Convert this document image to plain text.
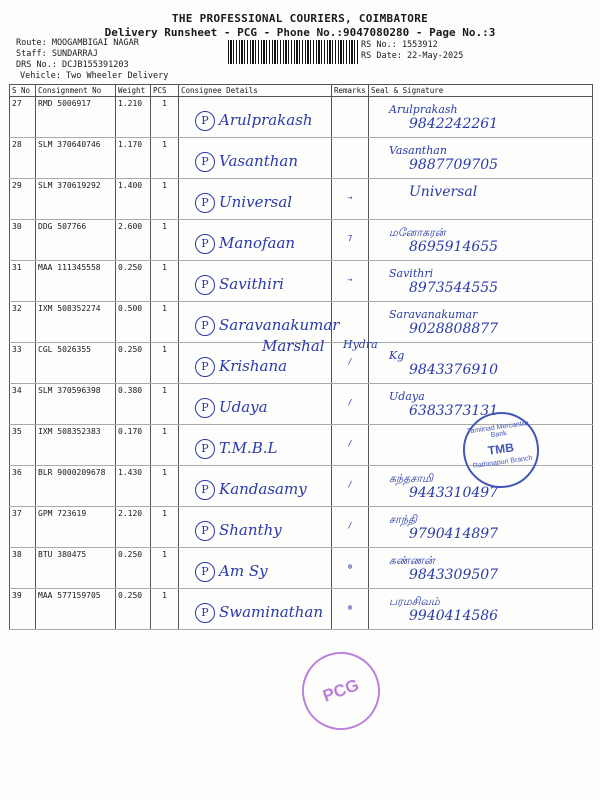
THE PROFESSIONAL COURIERS, COIMBATORE
Delivery Runsheet - PCG - Phone No.:9047080280 - Page No.:3
Route: MOOGAMBIGAI NAGAR
Staff: SUNDARRAJ
DRS No.: DCJB155391203
Vehicle: Two Wheeler Delivery
RS No.: 1553912
RS Date: 22-May-2025
S No	Consignment No	Weight	PCS	Consignee Details	Remarks	Seal & Signature
27	RMD 5006917	1.210	1	P Arulprakash		Arulprakash
9842242261

28	SLM 370640746	1.170	1	P Vasanthan		Vasanthan
9887709705

29	SLM 370619292	1.400	1	P Universal	→	Universal

30	DDG 507766	2.600	1	P Manofaan	7	மனோகரன்
8695914655

31	MAA 111345558	0.250	1	P Savithiri	→	Savithri
8973544555

32	IXM 508352274	0.500	1	P Saravanakumar		Saravanakumar
9028808877

33	CGL 5026355	0.250	1	P Krishana	/	Kg
9843376910

34	SLM 370596398	0.380	1	P Udaya	/	Udaya
6383373131

35	IXM 508352383	0.170	1	P T.M.B.L	/	

36	BLR 9000209678	1.430	1	P Kandasamy	/	கந்தசாமி
9443310497

37	GPM 723619	2.120	1	P Shanthy	/	சாந்தி
9790414897

38	BTU 380475	0.250	1	P Am Sy	⊗	கண்ணன்
9843309507

39	MAA 577159705	0.250	1	P Swaminathan	⊗	பரமசிவம்
9940414586
Marshal Hydra
Tamilnad Mercantile Bank
TMB
Rathinapuri Branch
PCG
